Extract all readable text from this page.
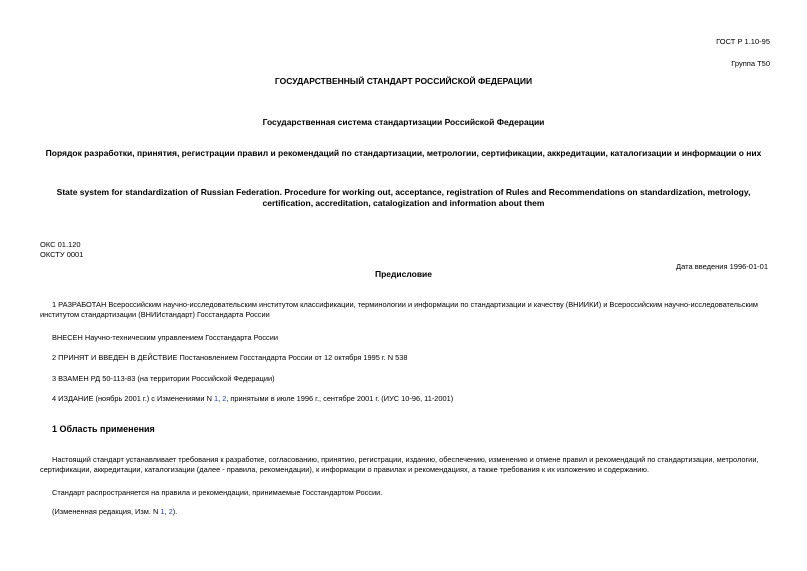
ГОСТ Р 1.10-95
Группа Т50
ГОСУДАРСТВЕННЫЙ СТАНДАРТ РОССИЙСКОЙ ФЕДЕРАЦИИ
Государственная система стандартизации Российской Федерации
Порядок разработки, принятия, регистрации правил и рекомендаций по стандартизации, метрологии, сертификации, аккредитации, каталогизации и информации о них
State system for standardization of Russian Federation. Procedure for working out, acceptance, registration of Rules and Recommendations on standardization, metrology, certification, accreditation, catalogization and information about them
ОКС 01.120
ОКСТУ 0001
Дата введения 1996-01-01
Предисловие
1 РАЗРАБОТАН Всероссийским научно-исследовательским институтом классификации, терминологии и информации по стандартизации и качеству (ВНИИКИ) и Всероссийским научно-исследовательским институтом стандартизации (ВНИИстандарт) Госстандарта России
ВНЕСЕН Научно-техническим управлением Госстандарта России
2 ПРИНЯТ И ВВЕДЕН В ДЕЙСТВИЕ Постановлением Госстандарта России от 12 октября 1995 г. N 538
3 ВЗАМЕН РД 50-113-83 (на территории Российской Федерации)
4 ИЗДАНИЕ (ноябрь 2001 г.) с Изменениями N 1, 2, принятыми в июле 1996 г., сентябре 2001 г. (ИУС 10-96, 11-2001)
1 Область применения
Настоящий стандарт устанавливает требования к разработке, согласованию, принятию, регистрации, изданию, обеспечению, изменению и отмене правил и рекомендаций по стандартизации, метрологии, сертификации, аккредитации, каталогизации (далее - правила, рекомендации), к информации о правилах и рекомендациях, а также требования к их изложению и содержанию.
Стандарт распространяется на правила и рекомендации, принимаемые Госстандартом России.
(Измененная редакция, Изм. N 1, 2).
